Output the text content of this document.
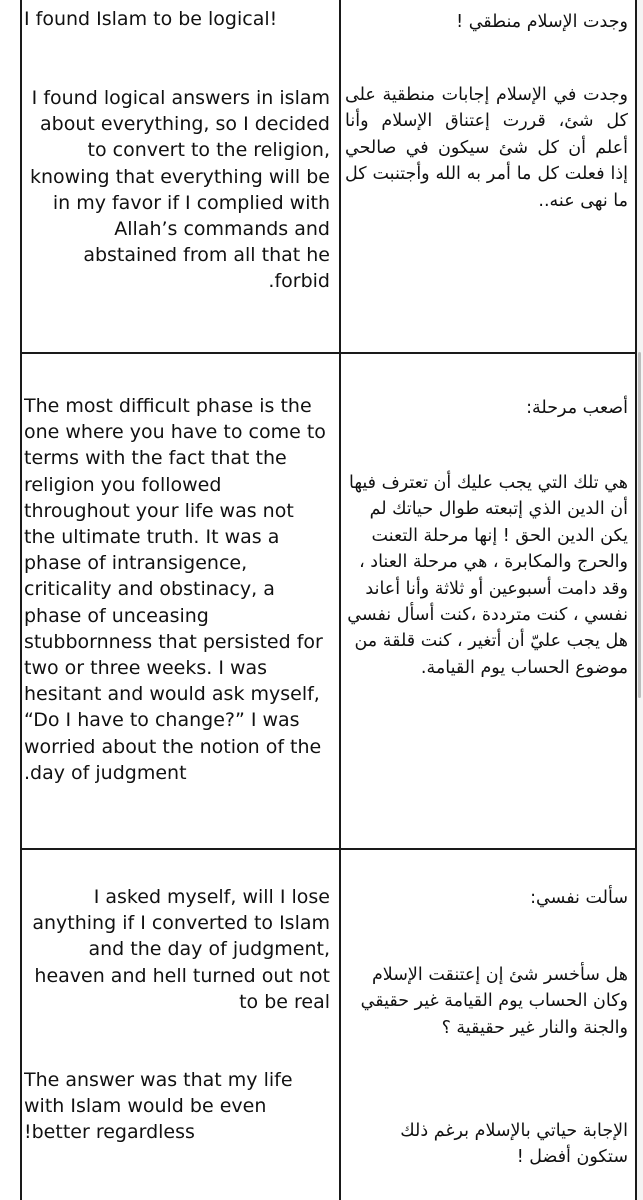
!I found Islam to be logical

I found logical answers in islam about everything, so I decided to convert to the religion, knowing that everything will be in my favor if I complied with Allah’s commands and abstained from all that he forbid.

وجدت الإسلام منطقي !

وجدت في الإسلام إجابات منطقية على كل شئ، قررت إعتناق الإسلام وأنا أعلم أن كل شئ سيكون في صالحي إذا فعلت كل ما أمر به الله وأجتنبت كل ما نهى عنه..

The most difficult phase is the one where you have to come to terms with the fact that the religion you followed throughout your life was not the ultimate truth. It was a phase of intransigence, criticality and obstinacy, a phase of unceasing stubbornness that persisted for two or three weeks. I was hesitant and would ask myself, “Do I have to change?” I was worried about the notion of the day of judgment.

أصعب مرحلة:

هي تلك التي يجب عليك أن تعترف فيها أن الدين الذي إتبعته طوال حياتك لم يكن الدين الحق ! إنها مرحلة التعنت والحرج والمكابرة ، هي مرحلة العناد ، وقد دامت أسبوعين أو ثلاثة وأنا أعاند نفسي ، كنت مترددة ،كنت أسأل نفسي هل يجب عليّ أن أتغير ، كنت قلقة من موضوع الحساب يوم القيامة.

I asked myself, will I lose anything if I converted to Islam and the day of judgment, heaven and hell turned out not to be real

The answer was that my life with Islam would be even better regardless!

سألت نفسي:

هل سأخسر شئ إن إعتنقت الإسلام وكان الحساب يوم القيامة غير حقيقي والجنة والنار غير حقيقية ؟

الإجابة حياتي بالإسلام برغم ذلك ستكون أفضل !
